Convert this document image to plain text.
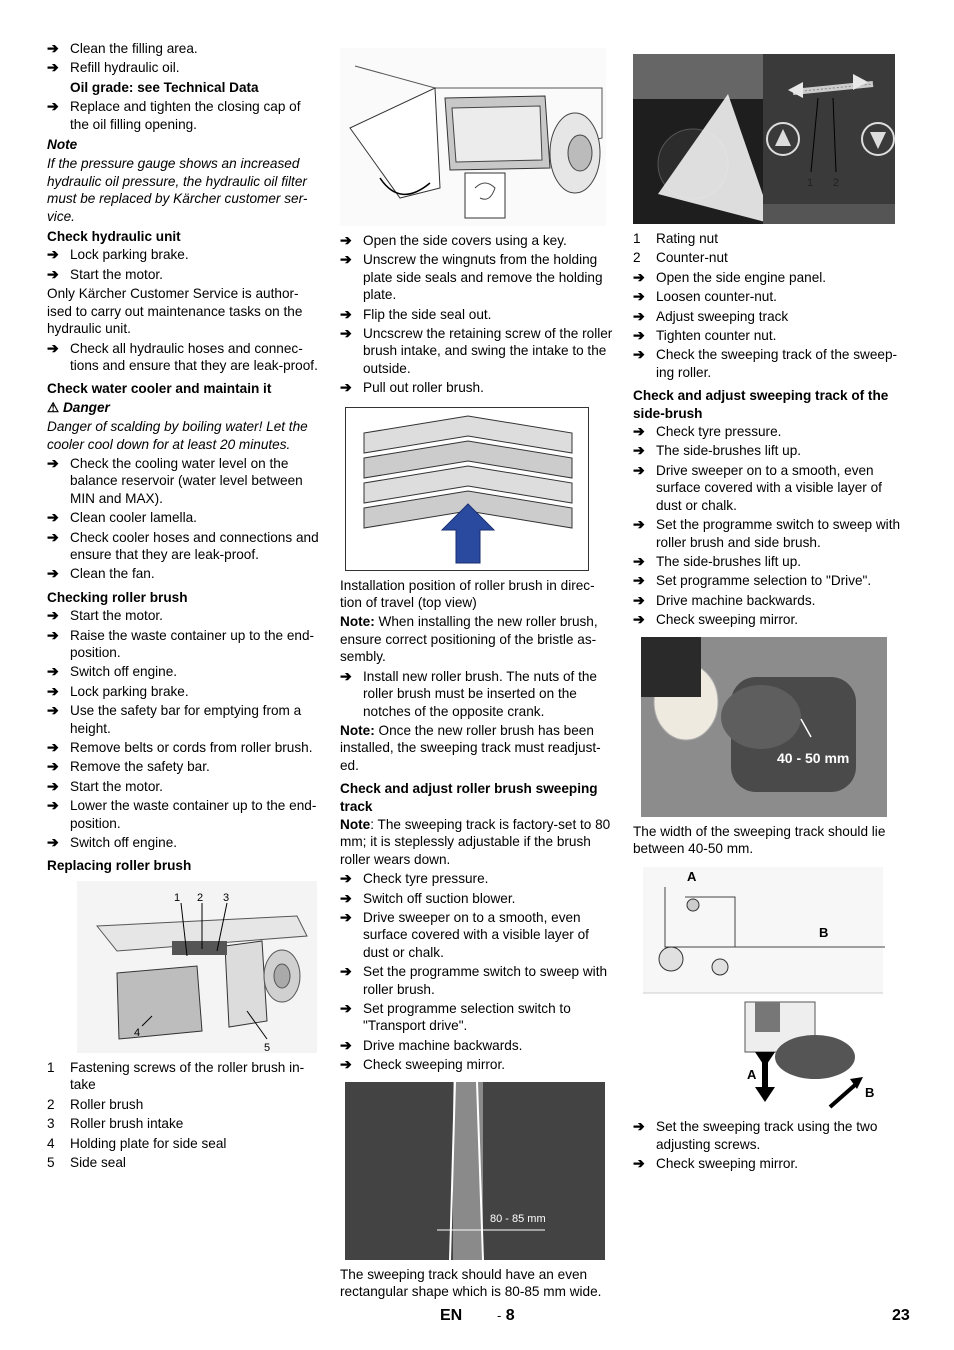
➔ Clean the filling area.
➔ Refill hydraulic oil.
Oil grade: see Technical Data
➔ Replace and tighten the closing cap of the oil filling opening.

Note

If the pressure gauge shows an increased hydraulic oil pressure, the hydraulic oil filter must be replaced by Kärcher customer ser-vice.

Check hydraulic unit

➔ Lock parking brake.
➔ Start the motor.

Only Kärcher Customer Service is author-ised to carry out maintenance tasks on the hydraulic unit.

➔ Check all hydraulic hoses and connec-tions and ensure that they are leak-proof.

Check water cooler and maintain it

⚠ Danger

Danger of scalding by boiling water! Let the cooler cool down for at least 20 minutes.

➔ Check the cooling water level on the balance reservoir (water level between MIN and MAX).
➔ Clean cooler lamella.
➔ Check cooler hoses and connections and ensure that they are leak-proof.
➔ Clean the fan.

Checking roller brush

➔ Start the motor.
➔ Raise the waste container up to the end-position.
➔ Switch off engine.
➔ Lock parking brake.
➔ Use the safety bar for emptying from a height.
➔ Remove belts or cords from roller brush.
➔ Remove the safety bar.
➔ Start the motor.
➔ Lower the waste container up to the end-position.
➔ Switch off engine.

Replacing roller brush

1 2 3
4
5
1 Fastening screws of the roller brush in-take
2 Roller brush
3 Roller brush intake
4 Holding plate for side seal
5 Side seal
➔ Open the side covers using a key.
➔ Unscrew the wingnuts from the holding plate side seals and remove the holding plate.
➔ Flip the side seal out.
➔ Uncscrew the retaining screw of the roller brush intake, and swing the intake to the outside.
➔ Pull out roller brush.

Installation position of roller brush in direc-tion of travel (top view)

Note: When installing the new roller brush, ensure correct positioning of the bristle as-sembly.

➔ Install new roller brush. The nuts of the roller brush must be inserted on the notches of the opposite crank.

Note: Once the new roller brush has been installed, the sweeping track must readjust-ed.

Check and adjust roller brush sweeping track

Note: The sweeping track is factory-set to 80 mm; it is steplessly adjustable if the brush roller wears down.

➔ Check tyre pressure.
➔ Switch off suction blower.
➔ Drive sweeper on to a smooth, even surface covered with a visible layer of dust or chalk.
➔ Set the programme switch to sweep with roller brush.
➔ Set programme selection switch to "Transport drive".
➔ Drive machine backwards.
➔ Check sweeping mirror.
80 - 85 mm

The sweeping track should have an even rectangular shape which is 80-85 mm wide.

1 2
1 Rating nut
2 Counter-nut
➔ Open the side engine panel.
➔ Loosen counter-nut.
➔ Adjust sweeping track
➔ Tighten counter nut.
➔ Check the sweeping track of the sweep-ing roller.

Check and adjust sweeping track of the side-brush

➔ Check tyre pressure.
➔ The side-brushes lift up.
➔ Drive sweeper on to a smooth, even surface covered with a visible layer of dust or chalk.
➔ Set the programme switch to sweep with roller brush and side brush.
➔ The side-brushes lift up.
➔ Set programme selection to "Drive".
➔ Drive machine backwards.
➔ Check sweeping mirror.
40 - 50 mm

The width of the sweeping track should lie between 40-50 mm.

A
B
A
B
➔ Set the sweeping track using the two adjusting screws.
➔ Check sweeping mirror.
EN	- 8	23
